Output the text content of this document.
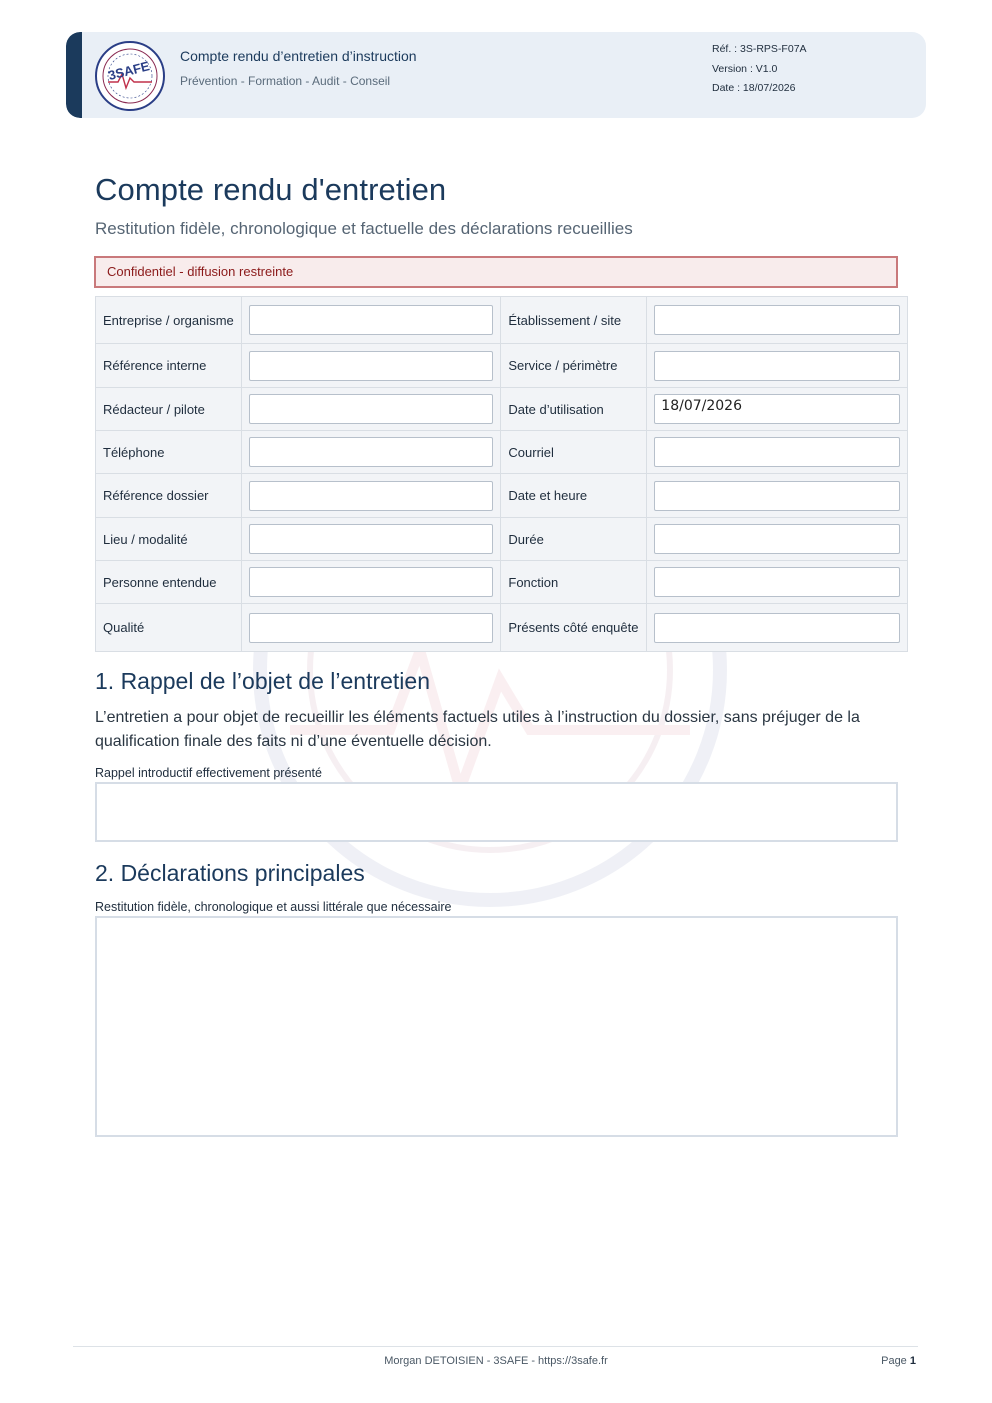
3SAFE
Compte rendu d’entretien d’instruction
Prévention - Formation - Audit - Conseil
Réf. : 3S-RPS-F07A
Version : V1.0
Date : 18/07/2026
Compte rendu d'entretien
Restitution fidèle, chronologique et factuelle des déclarations recueillies
Confidentiel - diffusion restreinte
Entreprise / organisme		Établissement / site	

Référence interne		Service / périmètre	

Rédacteur / pilote		Date d’utilisation	18/07/2026

Téléphone		Courriel	

Référence dossier		Date et heure	

Lieu / modalité		Durée	

Personne entendue		Fonction	

Qualité		Présents côté enquête	
1. Rappel de l’objet de l’entretien
L’entretien a pour objet de recueillir les éléments factuels utiles à l’instruction du dossier, sans préjuger de la qualification finale des faits ni d’une éventuelle décision.
Rappel introductif effectivement présenté
2. Déclarations principales
Restitution fidèle, chronologique et aussi littérale que nécessaire
Morgan DETOISIEN - 3SAFE - https://3safe.fr	Page 1
